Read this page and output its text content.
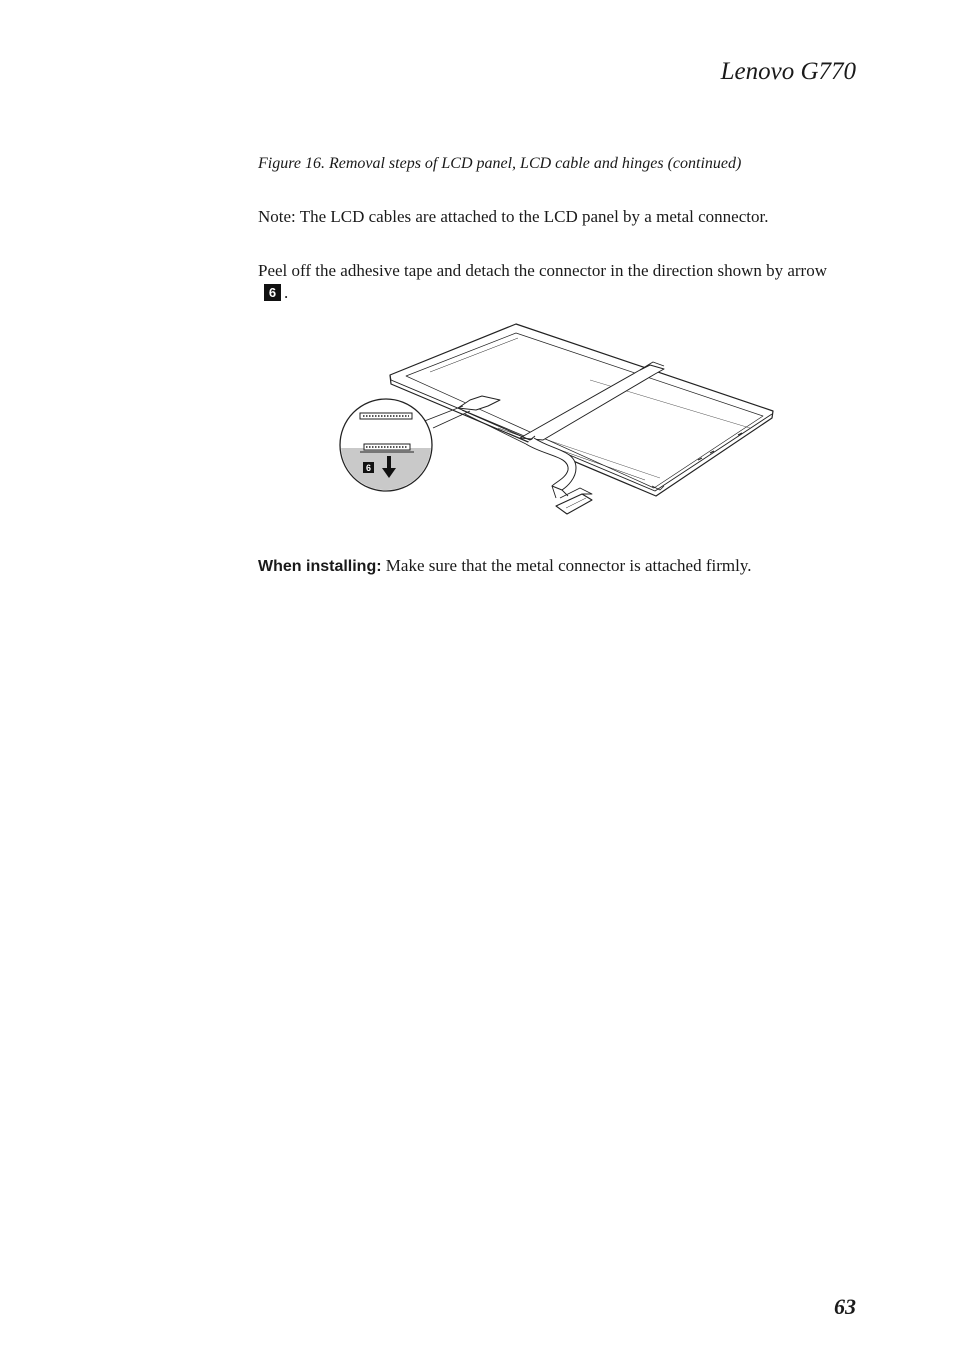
Lenovo G770
Figure 16. Removal steps of LCD panel, LCD cable and hinges (continued)
Note: The LCD cables are attached to the LCD panel by a metal connector.
Peel off the adhesive tape and detach the connector in the direction shown by arrow6 .
When installing: Make sure that the metal connector is attached firmly.
6
63
